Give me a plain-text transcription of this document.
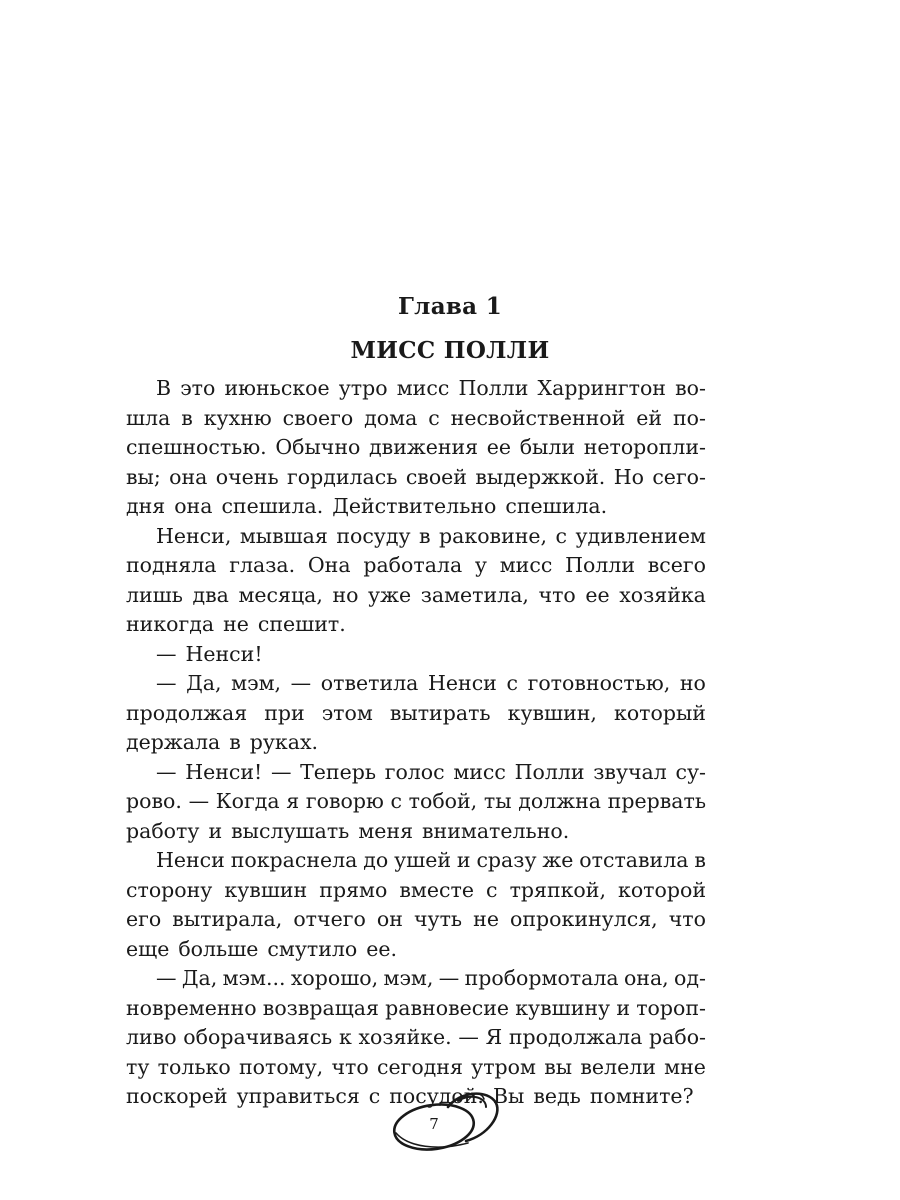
Глава 1
МИСС ПОЛЛИ
В это июньское утро мисс Полли Харрингтон во-
шла в кухню своего дома с несвойственной ей по-
спешностью. Обычно движения ее были неторопли-
вы; она очень гордилась своей выдержкой. Но сего-
дня она спешила. Действительно спешила.
Ненси, мывшая посуду в раковине, с удивлением
подняла глаза. Она работала у мисс Полли всего
лишь два месяца, но уже заметила, что ее хозяйка
никогда не спешит.
— Ненси!
— Да, мэм, — ответила Ненси с готовностью, но
продолжая при этом вытирать кувшин, который
держала в руках.
— Ненси! — Теперь голос мисс Полли звучал су-
рово. — Когда я говорю с тобой, ты должна прервать
работу и выслушать меня внимательно.
Ненси покраснела до ушей и сразу же отставила в
сторону кувшин прямо вместе с тряпкой, которой
его вытирала, отчего он чуть не опрокинулся, что
еще больше смутило ее.
— Да, мэм... хорошо, мэм, — пробормотала она, од-
новременно возвращая равновесие кувшину и тороп-
ливо оборачиваясь к хозяйке. — Я продолжала рабо-
ту только потому, что сегодня утром вы велели мне
поскорей управиться с посудой. Вы ведь помните?
7
